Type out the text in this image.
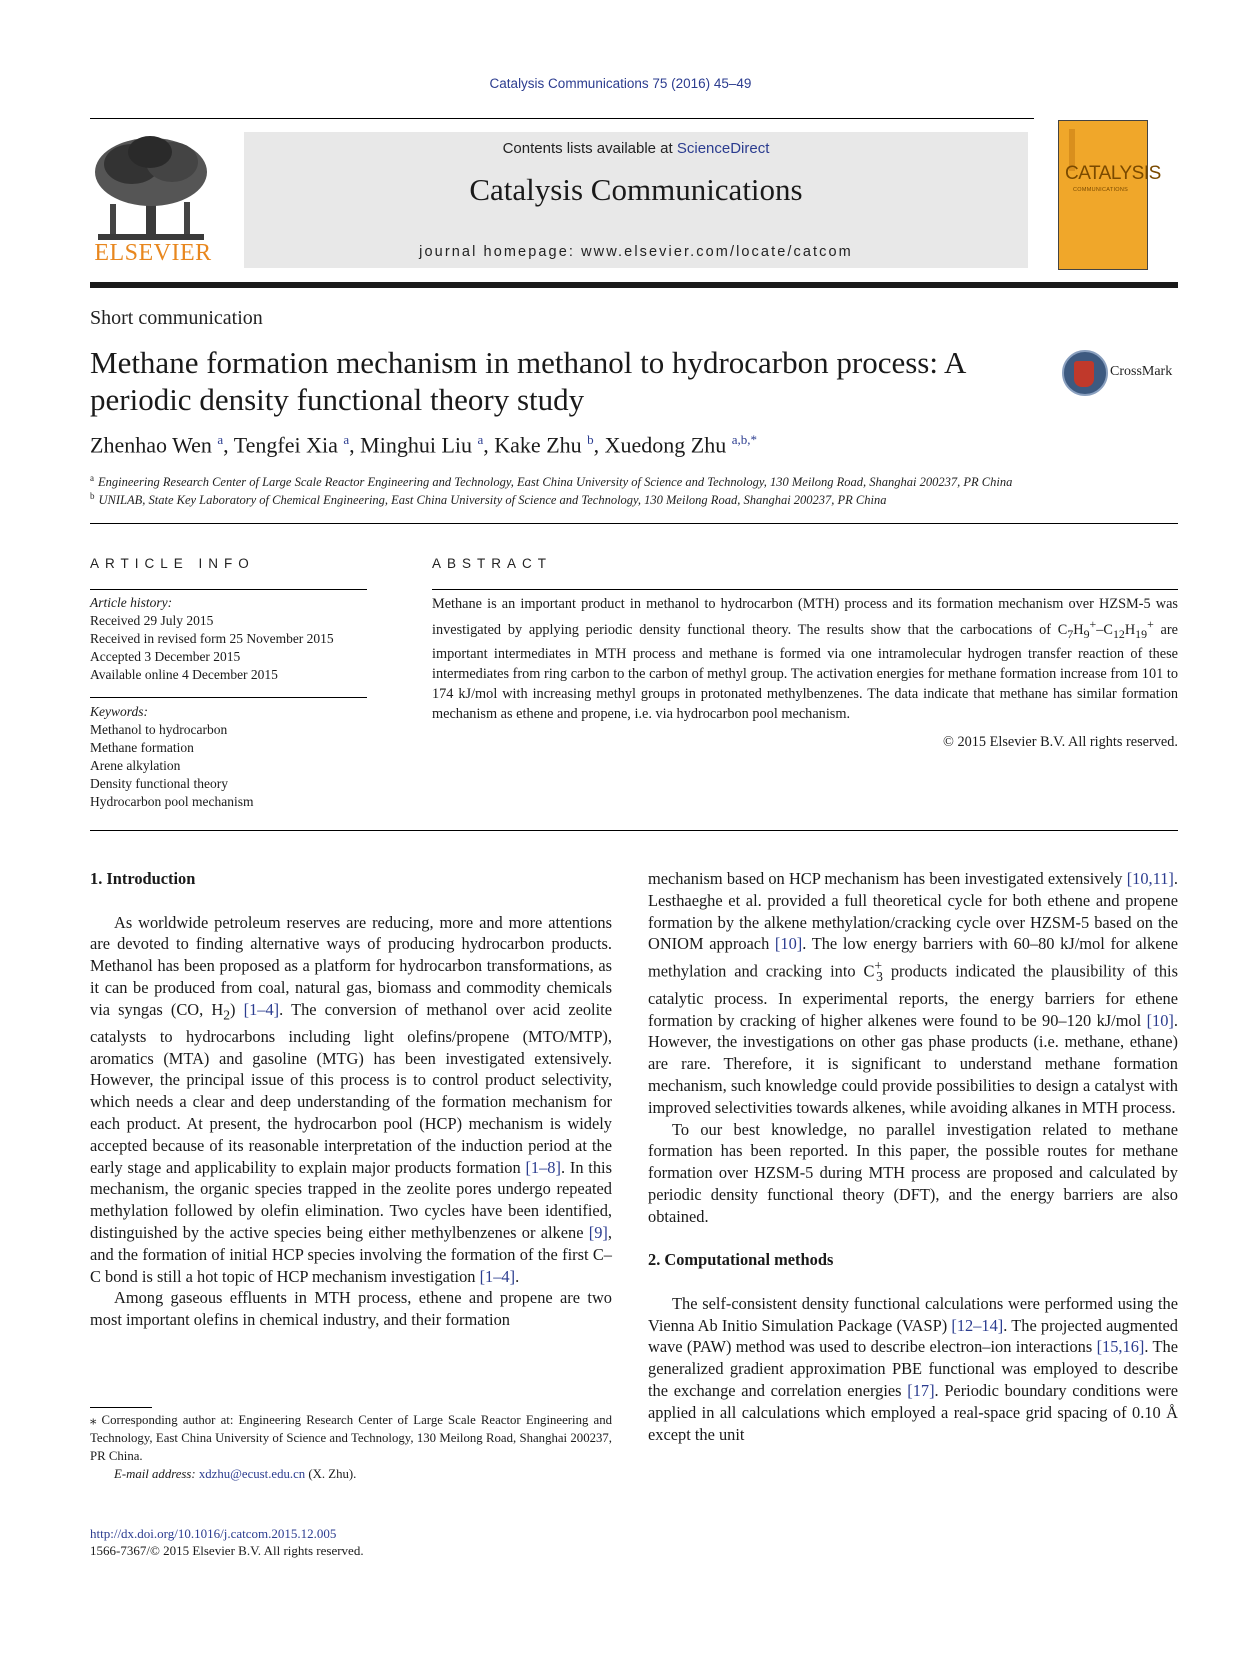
Catalysis Communications 75 (2016) 45–49
ELSEVIER
Contents lists available at ScienceDirect
Catalysis Communications
journal homepage: www.elsevier.com/locate/catcom
CATALYSIS
COMMUNICATIONS
Short communication
Methane formation mechanism in methanol to hydrocarbon process: A periodic density functional theory study
CrossMark
Zhenhao Wen $^a$, Tengfei Xia $^a$, Minghui Liu $^a$, Kake Zhu $^b$, Xuedong Zhu $^{a,b,*}$
$^a$ Engineering Research Center of Large Scale Reactor Engineering and Technology, East China University of Science and Technology, 130 Meilong Road, Shanghai 200237, PR China
$^b$ UNILAB, State Key Laboratory of Chemical Engineering, East China University of Science and Technology, 130 Meilong Road, Shanghai 200237, PR China
ARTICLE INFO	ABSTRACT
Article history:
Received 29 July 2015
Received in revised form 25 November 2015
Accepted 3 December 2015
Available online 4 December 2015
Keywords:
Methanol to hydrocarbon
Methane formation
Arene alkylation
Density functional theory
Hydrocarbon pool mechanism
Methane is an important product in methanol to hydrocarbon (MTH) process and its formation mechanism over HZSM-5 was investigated by applying periodic density functional theory. The results show that the carbocations of $C_7H_9^+-C_{12}H_{19}^+$ are important intermediates in MTH process and methane is formed via one intramolecular hydrogen transfer reaction of these intermediates from ring carbon to the carbon of methyl group. The activation energies for methane formation increase from 101 to 174 kJ/mol with increasing methyl groups in protonated methylbenzenes. The data indicate that methane has similar formation mechanism as ethene and propene, i.e. via hydrocarbon pool mechanism.
© 2015 Elsevier B.V. All rights reserved.
1. Introduction

As worldwide petroleum reserves are reducing, more and more attentions are devoted to finding alternative ways of producing hydrocarbon products. Methanol has been proposed as a platform for hydrocarbon transformations, as it can be produced from coal, natural gas, biomass and commodity chemicals via syngas (CO, $H_2$) [1–4]. The conversion of methanol over acid zeolite catalysts to hydrocarbons including light olefins/propene (MTO/MTP), aromatics (MTA) and gasoline (MTG) has been investigated extensively. However, the principal issue of this process is to control product selectivity, which needs a clear and deep understanding of the formation mechanism for each product. At present, the hydrocarbon pool (HCP) mechanism is widely accepted because of its reasonable interpretation of the induction period at the early stage and applicability to explain major products formation [1–8]. In this mechanism, the organic species trapped in the zeolite pores undergo repeated methylation followed by olefin elimination. Two cycles have been identified, distinguished by the active species being either methylbenzenes or alkene [9], and the formation of initial HCP species involving the formation of the first C–C bond is still a hot topic of HCP mechanism investigation [1–4].

Among gaseous effluents in MTH process, ethene and propene are two most important olefins in chemical industry, and their formation

mechanism based on HCP mechanism has been investigated extensively [10,11]. Lesthaeghe et al. provided a full theoretical cycle for both ethene and propene formation by the alkene methylation/cracking cycle over HZSM-5 based on the ONIOM approach [10]. The low energy barriers with 60–80 kJ/mol for alkene methylation and cracking into $C^+_3$ products indicated the plausibility of this catalytic process. In experimental reports, the energy barriers for ethene formation by cracking of higher alkenes were found to be 90–120 kJ/mol [10]. However, the investigations on other gas phase products (i.e. methane, ethane) are rare. Therefore, it is significant to understand methane formation mechanism, such knowledge could provide possibilities to design a catalyst with improved selectivities towards alkenes, while avoiding alkanes in MTH process.

To our best knowledge, no parallel investigation related to methane formation has been reported. In this paper, the possible routes for methane formation over HZSM-5 during MTH process are proposed and calculated by periodic density functional theory (DFT), and the energy barriers are also obtained.

2. Computational methods

The self-consistent density functional calculations were performed using the Vienna Ab Initio Simulation Package (VASP) [12–14]. The projected augmented wave (PAW) method was used to describe electron–ion interactions [15,16]. The generalized gradient approximation PBE functional was employed to describe the exchange and correlation energies [17]. Periodic boundary conditions were applied in all calculations which employed a real-space grid spacing of 0.10 Å except the unit

⁎ Corresponding author at: Engineering Research Center of Large Scale Reactor Engineering and Technology, East China University of Science and Technology, 130 Meilong Road, Shanghai 200237, PR China.

E-mail address: xdzhu@ecust.edu.cn (X. Zhu).

http://dx.doi.org/10.1016/j.catcom.2015.12.005
1566-7367/© 2015 Elsevier B.V. All rights reserved.
